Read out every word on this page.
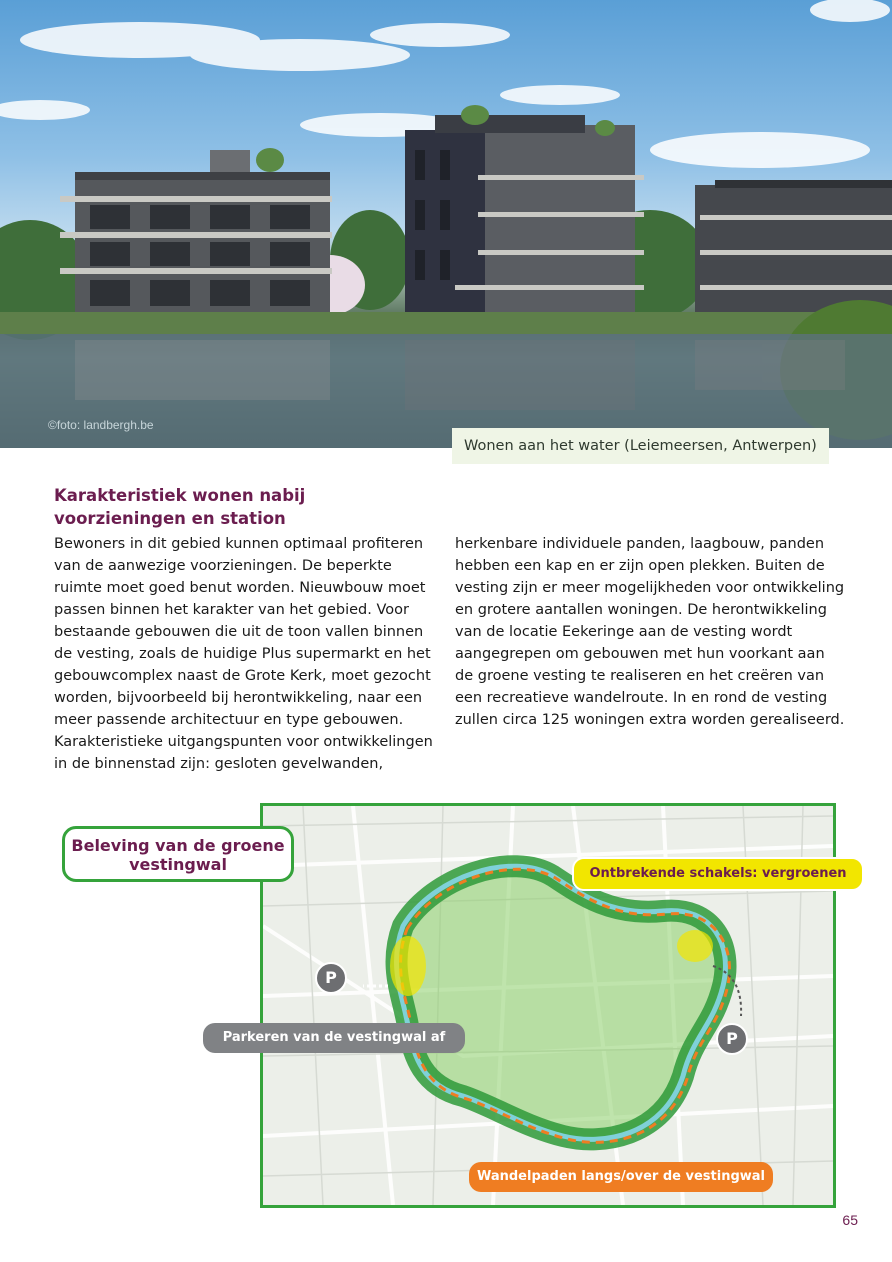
©foto: landbergh.be
Wonen aan het water (Leiemeersen, Antwerpen)
Karakteristiek wonen nabij voorzieningen en station

Bewoners in dit gebied kunnen optimaal profiteren van de aanwezige voorzieningen. De beperkte ruimte moet goed benut worden. Nieuwbouw moet passen binnen het karakter van het gebied. Voor bestaande gebouwen die uit de toon vallen binnen de vesting, zoals de huidige Plus supermarkt en het gebouwcomplex naast de Grote Kerk, moet gezocht worden, bijvoorbeeld bij herontwikkeling, naar een meer passende architectuur en type gebouwen. Karakteristieke uitgangspunten voor ontwikkelingen in de binnenstad zijn: gesloten gevelwanden,

herkenbare individuele panden, laagbouw, panden hebben een kap en er zijn open plekken. Buiten de vesting zijn er meer mogelijkheden voor ontwikkeling en grotere aantallen woningen. De herontwikkeling van de locatie Eekeringe aan de vesting wordt aangegrepen om gebouwen met hun voorkant aan de groene vesting te realiseren en het creëren van een recreatieve wandelroute. In en rond de vesting zullen circa 125 woningen extra worden gerealiseerd.

Beleving van de groene vestingwal	Ontbrekende schakels: vergroenen
Parkeren van de vestingwal af
Wandelpaden langs/over de vestingwal
P
P
65
